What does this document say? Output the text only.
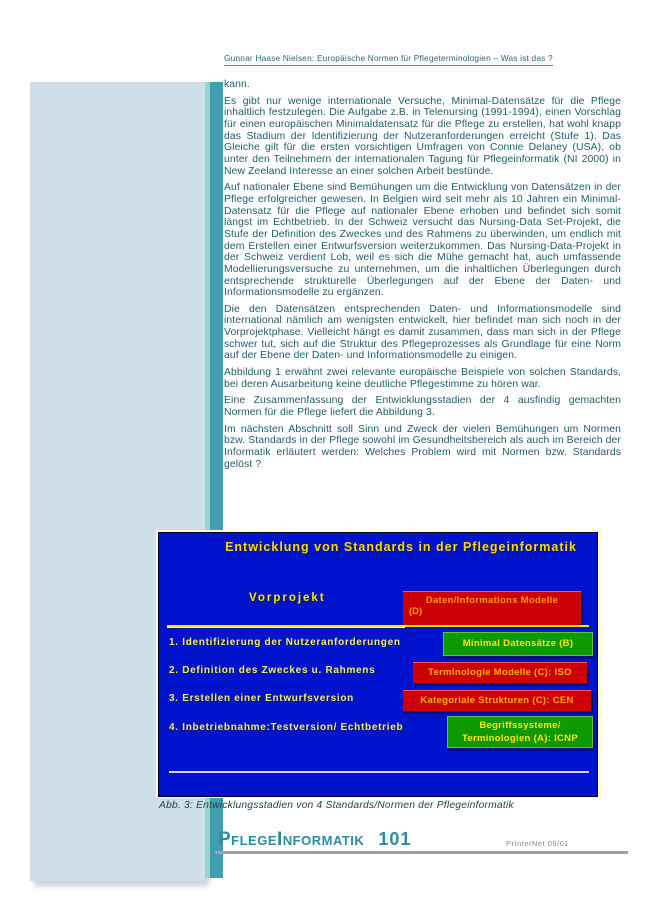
Gunnar Haase Nielsen: Europäische Normen für Pflegeterminologien – Was ist das ?

kann.

Es gibt nur wenige internationale Versuche, Minimal-Datensätze für die Pflege inhaltlich festzulegen. Die Aufgabe z.B. in Telenursing (1991-1994), einen Vorschlag für einen europäischen Minimaldatensatz für die Pflege zu erstellen, hat wohl knapp das Stadium der Identifizierung der Nutzeranforderungen erreicht (Stufe 1). Das Gleiche gilt für die ersten vorsichtigen Umfragen von Connie Delaney (USA), ob unter den Teilnehmern der internationalen Tagung für Pflegeinformatik (NI 2000) in New Zeeland Interesse an einer solchen Arbeit bestünde.

Auf nationaler Ebene sind Bemühungen um die Entwicklung von Datensätzen in der Pflege erfolgreicher gewesen. In Belgien wird seit mehr als 10 Jahren ein Minimal-Datensatz für die Pflege auf nationaler Ebene erhoben und befindet sich somit längst im Echtbetrieb. In der Schweiz versucht das Nursing-Data Set-Projekt, die Stufe der Definition des Zweckes und des Rahmens zu überwinden, um endlich mit dem Erstellen einer Entwurfsversion weiterzukommen. Das Nursing-Data-Projekt in der Schweiz verdient Lob, weil es sich die Mühe gemacht hat, auch umfassende Modellierungsversuche zu unternehmen, um die inhaltlichen Überlegungen durch entsprechende strukturelle Überlegungen auf der Ebene der Daten- und Informationsmodelle zu ergänzen.

Die den Datensätzen entsprechenden Daten- und Informationsmodelle sind international nämlich am wenigsten entwickelt, hier befindet man sich noch in der Vorprojektphase. Vielleicht hängt es damit zusammen, dass man sich in der Pflege schwer tut, sich auf die Struktur des Pflegeprozesses als Grundlage für eine Norm auf der Ebene der Daten- und Informationsmodelle zu einigen.

Abbildung 1 erwähnt zwei relevante europäische Beispiele von solchen Standards, bei deren Ausarbeitung keine deutliche Pflegestimme zu hören war.

Eine Zusammenfassung der Entwicklungsstadien der 4 ausfindig gemachten Normen für die Pflege liefert die Abbildung 3.

Im nächsten Abschnitt soll Sinn und Zweck der vielen Bemühungen um Normen bzw. Standards in der Pflege sowohl im Gesundheitsbereich als auch im Bereich der Informatik erläutert werden: Welches Problem wird mit Normen bzw. Standards gelöst ?

Entwicklung von Standards in der Pflegeinformatik
Vorprojekt	Daten/Informations Modelle
(D)
1. Identifizierung der Nutzeranforderungen	Minimal Datensätze (B)
2. Definition des Zweckes u. Rahmens	Terminologie Modelle (C): ISO
3. Erstellen einer Entwurfsversion	Kategoriale Strukturen (C): CEN
4. Inbetriebnahme:Testversion/ Echtbetrieb	Begriffssysteme/
Terminologien (A): ICNP
Abb. 3: Entwicklungsstadien von 4 Standards/Normen der Pflegeinformatik
PflegeInformatik 101	PrInterNet 09/01
